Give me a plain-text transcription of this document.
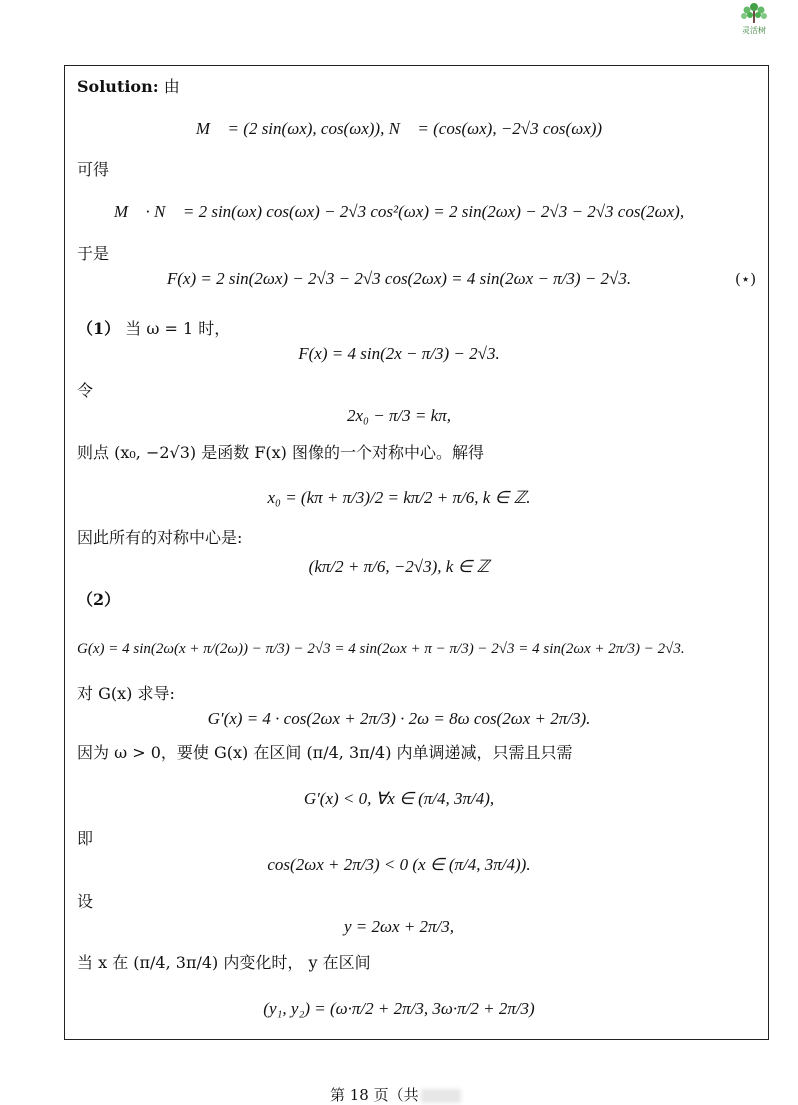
灵活树
Solution: 由
M⃗ = (2 sin(ωx), cos(ωx)), N⃗ = (cos(ωx), −2√3 cos(ωx))
可得
M⃗ · N⃗ = 2 sin(ωx) cos(ωx) − 2√3 cos²(ωx) = 2 sin(2ωx) − 2√3 − 2√3 cos(2ωx),
于是
F(x) = 2 sin(2ωx) − 2√3 − 2√3 cos(2ωx) = 4 sin(2ωx − π/3) − 2√3.	(⋆)
（1） 当 ω = 1 时，
F(x) = 4 sin(2x − π/3) − 2√3.
令
2x₀ − π/3 = kπ,
则点 (x₀, −2√3) 是函数 F(x) 图像的一个对称中心。解得
x₀ = (kπ + π/3)/2 = kπ/2 + π/6, k ∈ ℤ.
因此所有的对称中心是:
(kπ/2 + π/6, −2√3), k ∈ ℤ
（2）
G(x) = 4 sin(2ω(x + π/(2ω)) − π/3) − 2√3 = 4 sin(2ωx + π − π/3) − 2√3 = 4 sin(2ωx + 2π/3) − 2√3.
对 G(x) 求导:
G′(x) = 4 · cos(2ωx + 2π/3) · 2ω = 8ω cos(2ωx + 2π/3).
因为 ω > 0，要使 G(x) 在区间 (π/4, 3π/4) 内单调递减，只需且只需
G′(x) < 0, ∀x ∈ (π/4, 3π/4),
即
cos(2ωx + 2π/3) < 0 (x ∈ (π/4, 3π/4)).
设
y = 2ωx + 2π/3,
当 x 在 (π/4, 3π/4) 内变化时， y 在区间
(y₁, y₂) = (ω·π/2 + 2π/3, 3ω·π/2 + 2π/3)
第 18 页（共
